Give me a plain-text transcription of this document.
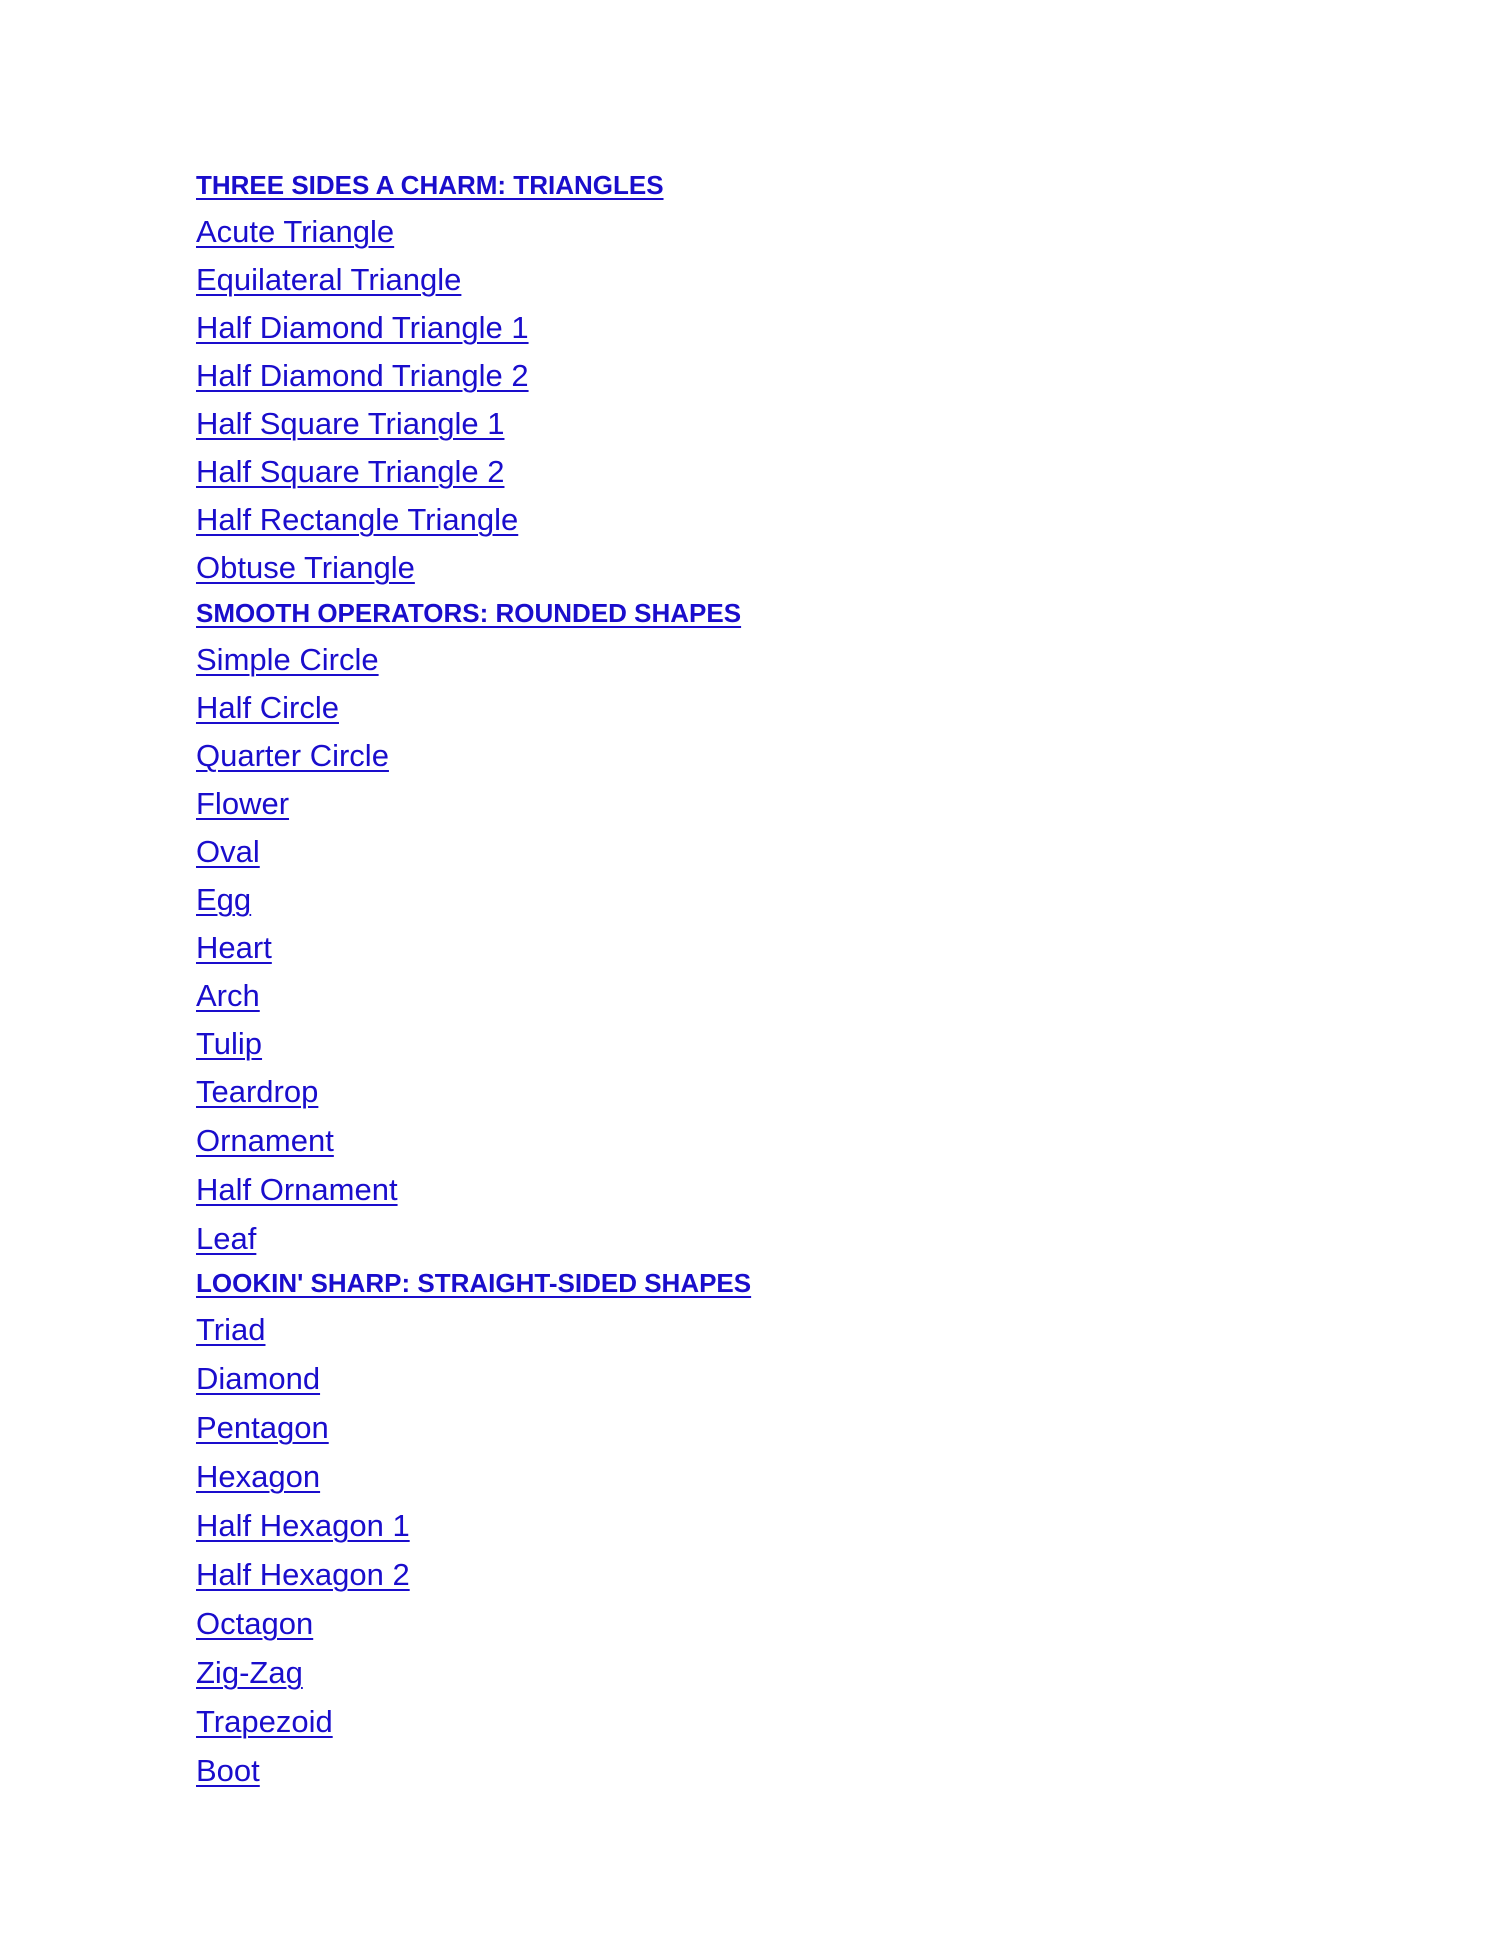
THREE SIDES A CHARM: TRIANGLES
Acute Triangle
Equilateral Triangle
Half Diamond Triangle 1
Half Diamond Triangle 2
Half Square Triangle 1
Half Square Triangle 2
Half Rectangle Triangle
Obtuse Triangle
SMOOTH OPERATORS: ROUNDED SHAPES
Simple Circle
Half Circle
Quarter Circle
Flower
Oval
Egg
Heart
Arch
Tulip
Teardrop
Ornament
Half Ornament
Leaf
LOOKIN' SHARP: STRAIGHT-SIDED SHAPES
Triad
Diamond
Pentagon
Hexagon
Half Hexagon 1
Half Hexagon 2
Octagon
Zig-Zag
Trapezoid
Boot
